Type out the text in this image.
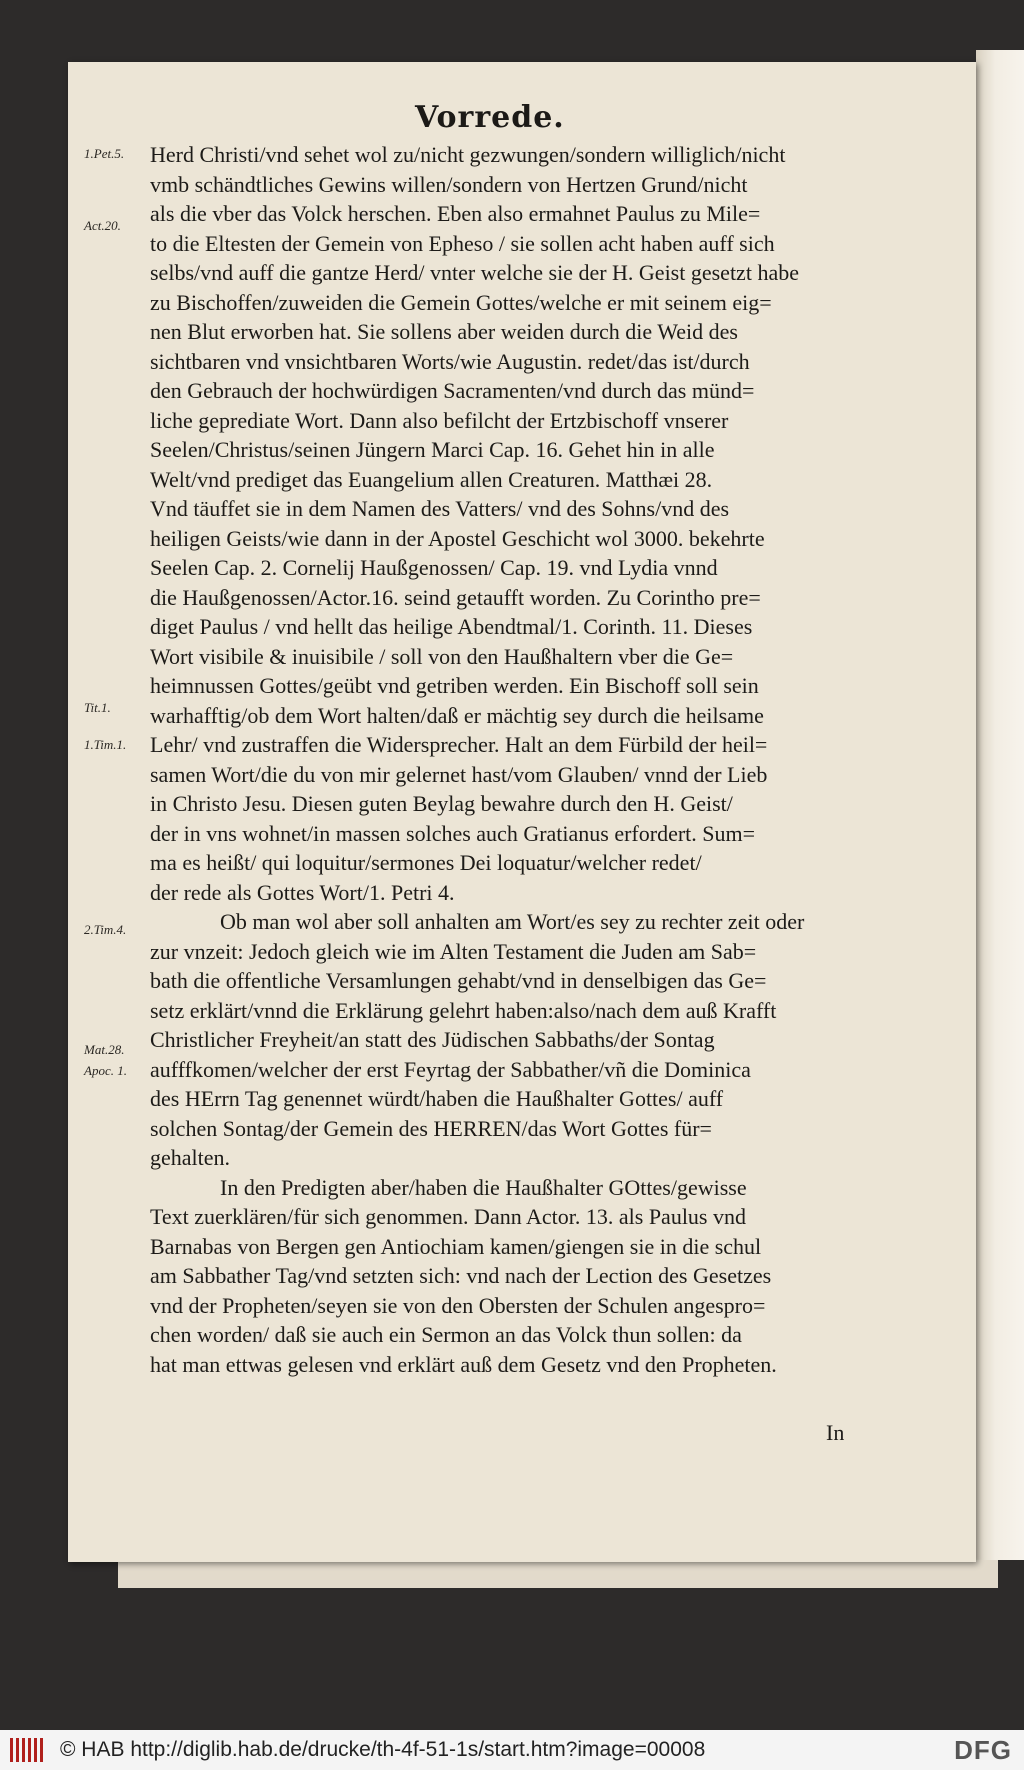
Vorrede.
1.Pet.5.
Act.20.
Tit.1.
1.Tim.1.
2.Tim.4.
Mat.28.
Apoc. 1.
Herd Christi/vnd sehet wol zu/nicht gezwungen/sondern williglich/nicht
vmb schändtliches Gewins willen/sondern von Hertzen Grund/nicht
als die vber das Volck herschen. Eben also ermahnet Paulus zu Mile=
to die Eltesten der Gemein von Epheso / sie sollen acht haben auff sich
selbs/vnd auff die gantze Herd/ vnter welche sie der H. Geist gesetzt habe
zu Bischoffen/zuweiden die Gemein Gottes/welche er mit seinem eig=
nen Blut erworben hat. Sie sollens aber weiden durch die Weid des
sichtbaren vnd vnsichtbaren Worts/wie Augustin. redet/das ist/durch
den Gebrauch der hochwürdigen Sacramenten/vnd durch das münd=
liche geprediate Wort. Dann also befilcht der Ertzbischoff vnserer
Seelen/Christus/seinen Jüngern Marci Cap. 16. Gehet hin in alle
Welt/vnd prediget das Euangelium allen Creaturen. Matthæi 28.
Vnd täuffet sie in dem Namen des Vatters/ vnd des Sohns/vnd des
heiligen Geists/wie dann in der Apostel Geschicht wol 3000. bekehrte
Seelen Cap. 2. Cornelij Haußgenossen/ Cap. 19. vnd Lydia vnnd
die Haußgenossen/Actor.16. seind getaufft worden. Zu Corintho pre=
diget Paulus / vnd hellt das heilige Abendtmal/1. Corinth. 11. Dieses
Wort visibile & inuisibile / soll von den Haußhaltern vber die Ge=
heimnussen Gottes/geübt vnd getriben werden. Ein Bischoff soll sein
warhafftig/ob dem Wort halten/daß er mächtig sey durch die heilsame
Lehr/ vnd zustraffen die Widersprecher. Halt an dem Fürbild der heil=
samen Wort/die du von mir gelernet hast/vom Glauben/ vnnd der Lieb
in Christo Jesu. Diesen guten Beylag bewahre durch den H. Geist/
der in vns wohnet/in massen solches auch Gratianus erfordert. Sum=
ma es heißt/ qui loquitur/sermones Dei loquatur/welcher redet/
der rede als Gottes Wort/1. Petri 4.
Ob man wol aber soll anhalten am Wort/es sey zu rechter zeit oder
zur vnzeit: Jedoch gleich wie im Alten Testament die Juden am Sab=
bath die offentliche Versamlungen gehabt/vnd in denselbigen das Ge=
setz erklärt/vnnd die Erklärung gelehrt haben:also/nach dem auß Krafft
Christlicher Freyheit/an statt des Jüdischen Sabbaths/der Sontag
aufffkomen/welcher der erst Feyrtag der Sabbather/vñ die Dominica
des HErrn Tag genennet würdt/haben die Haußhalter Gottes/ auff
solchen Sontag/der Gemein des HERREN/das Wort Gottes für=
gehalten.
In den Predigten aber/haben die Haußhalter GOttes/gewisse
Text zuerklären/für sich genommen. Dann Actor. 13. als Paulus vnd
Barnabas von Bergen gen Antiochiam kamen/giengen sie in die schul
am Sabbather Tag/vnd setzten sich: vnd nach der Lection des Gesetzes
vnd der Propheten/seyen sie von den Obersten der Schulen angespro=
chen worden/ daß sie auch ein Sermon an das Volck thun sollen: da
hat man ettwas gelesen vnd erklärt auß dem Gesetz vnd den Propheten.
In
© HAB http://diglib.hab.de/drucke/th-4f-51-1s/start.htm?image=00008	DFG
